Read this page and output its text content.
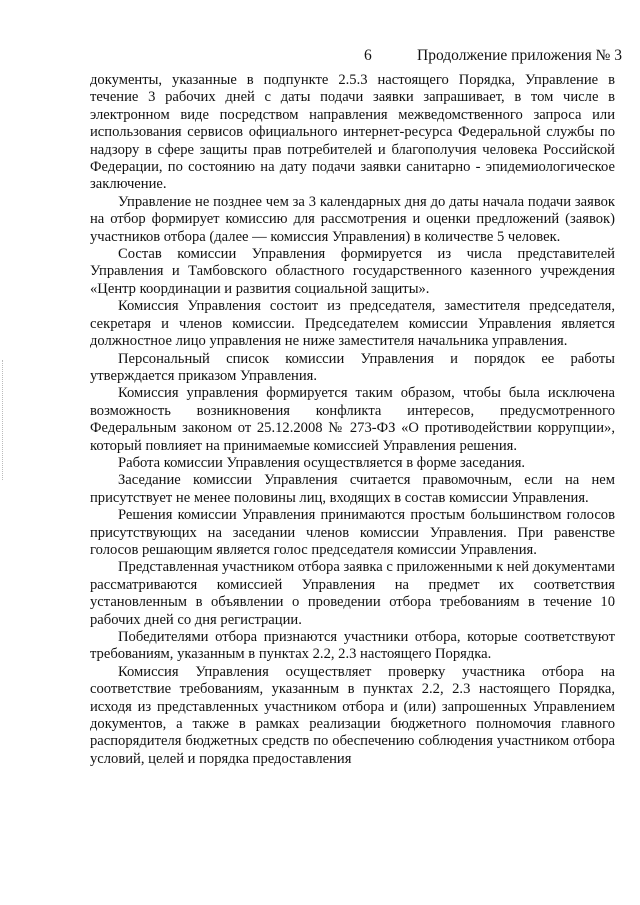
6	Продолжение приложения № 3

документы, указанные в подпункте 2.5.3 настоящего Порядка, Управление в течение 3 рабочих дней с даты подачи заявки запрашивает, в том числе в электронном виде посредством направления межведомственного запроса или использования сервисов официального интернет-ресурса Федеральной службы по надзору в сфере защиты прав потребителей и благополучия человека Российской Федерации, по состоянию на дату подачи заявки санитарно - эпидемиологическое заключение.

Управление не позднее чем за 3 календарных дня до даты начала подачи заявок на отбор формирует комиссию для рассмотрения и оценки предложений (заявок) участников отбора (далее — комиссия Управления) в количестве 5 человек.

Состав комиссии Управления формируется из числа представителей Управления и Тамбовского областного государственного казенного учреждения «Центр координации и развития социальной защиты».

Комиссия Управления состоит из председателя, заместителя председателя, секретаря и членов комиссии. Председателем комиссии Управления является должностное лицо управления не ниже заместителя начальника управления.

Персональный список комиссии Управления и порядок ее работы утверждается приказом Управления.

Комиссия управления формируется таким образом, чтобы была исключена возможность возникновения конфликта интересов, предусмотренного Федеральным законом от 25.12.2008 № 273-ФЗ «О противодействии коррупции», который повлияет на принимаемые комиссией Управления решения.

Работа комиссии Управления осуществляется в форме заседания.

Заседание комиссии Управления считается правомочным, если на нем присутствует не менее половины лиц, входящих в состав комиссии Управления.

Решения комиссии Управления принимаются простым большинством голосов присутствующих на заседании членов комиссии Управления. При равенстве голосов решающим является голос председателя комиссии Управления.

Представленная участником отбора заявка с приложенными к ней документами рассматриваются комиссией Управления на предмет их соответствия установленным в объявлении о проведении отбора требованиям в течение 10 рабочих дней со дня регистрации.

Победителями отбора признаются участники отбора, которые соответствуют требованиям, указанным в пунктах 2.2, 2.3 настоящего Порядка.

Комиссия Управления осуществляет проверку участника отбора на соответствие требованиям, указанным в пунктах 2.2, 2.3 настоящего Порядка, исходя из представленных участником отбора и (или) запрошенных Управлением документов, а также в рамках реализации бюджетного полномочия главного распорядителя бюджетных средств по обеспечению соблюдения участником отбора условий, целей и порядка предоставления
